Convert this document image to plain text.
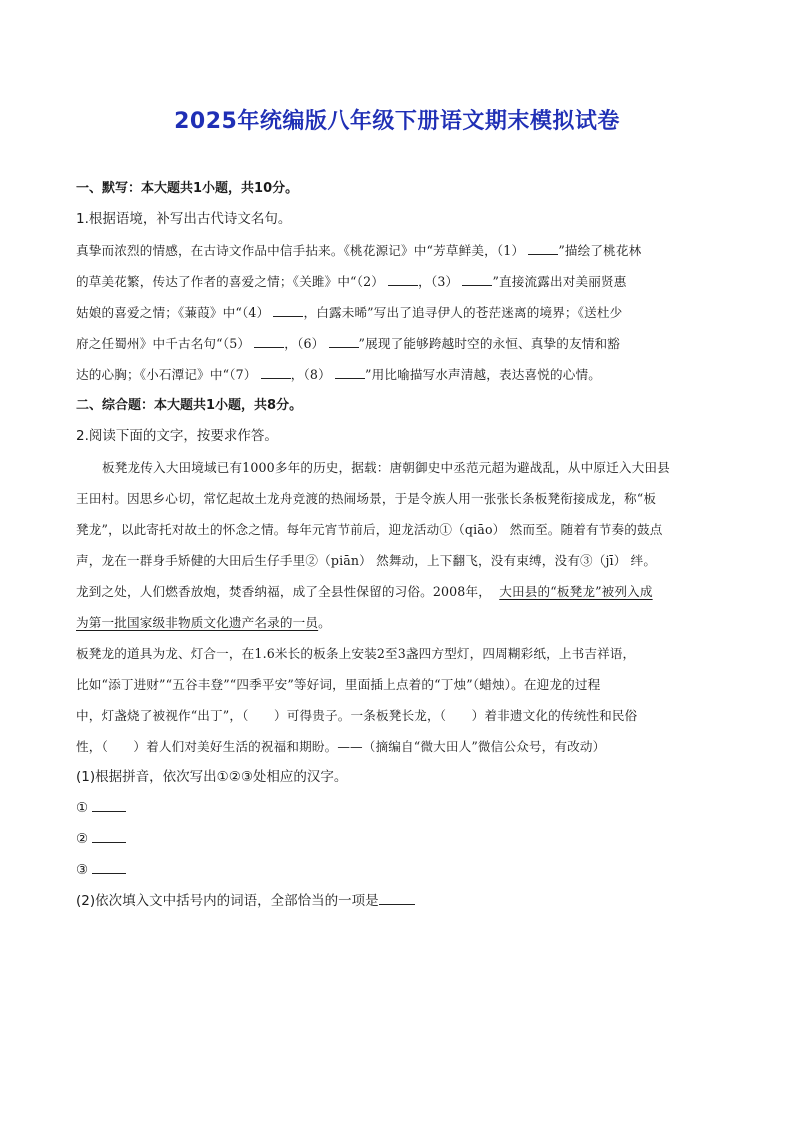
2025年统编版八年级下册语文期末模拟试卷
一、默写：本大题共1小题，共10分。
1.根据语境，补写出古代诗文名句。
真挚而浓烈的情感，在古诗文作品中信手拈来。《桃花源记》中“芳草鲜美，（1）	”描绘了桃花林
的草美花繁，传达了作者的喜爱之情；《关雎》中“（2）	，（3）	”直接流露出对美丽贤惠
姑娘的喜爱之情；《蒹葭》中“（4）	，白露未晞”写出了追寻伊人的苍茫迷离的境界；《送杜少
府之任蜀州》中千古名句“（5）	，（6）	”展现了能够跨越时空的永恒、真挚的友情和豁
达的心胸；《小石潭记》中“（7）	，（8）	”用比喻描写水声清越，表达喜悦的心情。
二、综合题：本大题共1小题，共8分。
2.阅读下面的文字，按要求作答。
板凳龙传入大田境域已有1000多年的历史，据载：唐朝御史中丞范元超为避战乱，从中原迁入大田县
王田村。因思乡心切，常忆起故土龙舟竞渡的热闹场景，于是令族人用一张张长条板凳衔接成龙，称“板
凳龙”，以此寄托对故土的怀念之情。每年元宵节前后，迎龙活动①（qiāo） 然而至。随着有节奏的鼓点
声，龙在一群身手矫健的大田后生仔手里②（piān） 然舞动，上下翻飞，没有束缚，没有③（jī） 绊。
龙到之处，人们燃香放炮，焚香纳福，成了全县性保留的习俗。2008年， 大田县的“板凳龙”被列入成
为第一批国家级非物质文化遗产名录的一员。
板凳龙的道具为龙、灯合一，在1.6米长的板条上安装2至3盏四方型灯，四周糊彩纸，上书吉祥语，
比如“添丁进财”“五谷丰登”“四季平安”等好词，里面插上点着的“丁烛”（蜡烛）。在迎龙的过程
中，灯盏烧了被视作“出丁”，（　　）可得贵子。一条板凳长龙，（　　）着非遗文化的传统性和民俗
性，（　　）着人们对美好生活的祝福和期盼。——（摘编自“微大田人”微信公众号，有改动）
(1)根据拼音，依次写出①②③处相应的汉字。
①
②
③
(2)依次填入文中括号内的词语，全部恰当的一项是
